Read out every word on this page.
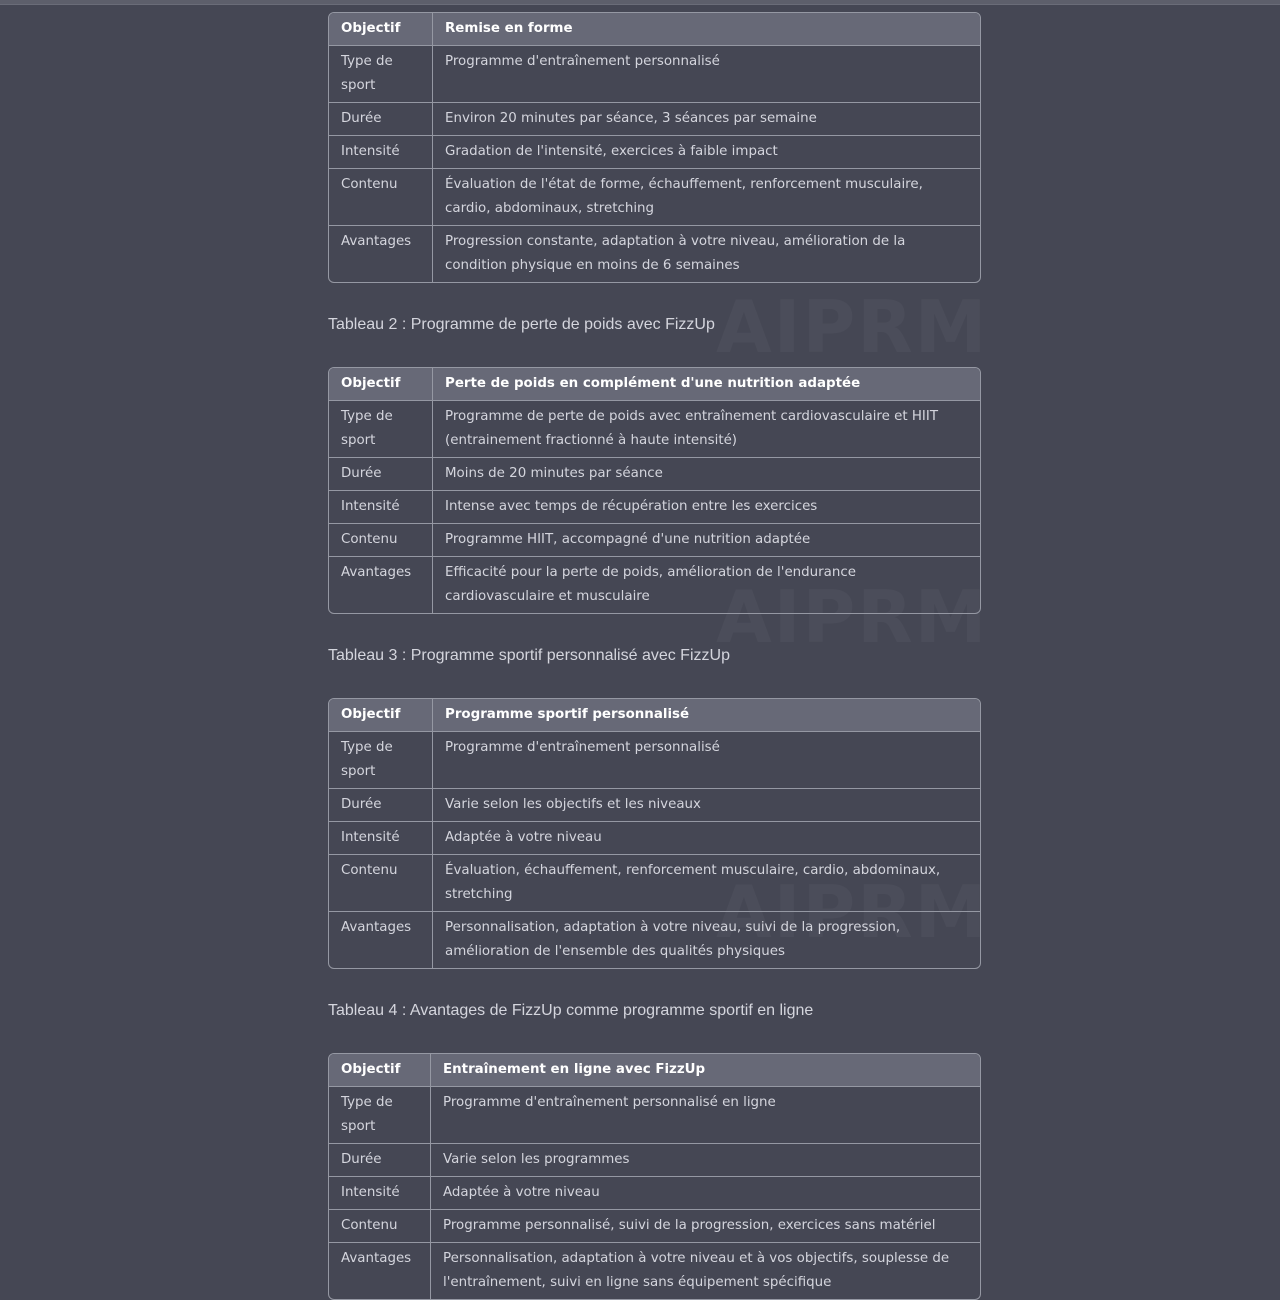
Objectif	Remise en forme
Type de sport	Programme d'entraînement personnalisé
Durée	Environ 20 minutes par séance, 3 séances par semaine
Intensité	Gradation de l'intensité, exercices à faible impact
Contenu	Évaluation de l'état de forme, échauffement, renforcement musculaire, cardio, abdominaux, stretching
Avantages	Progression constante, adaptation à votre niveau, amélioration de la condition physique en moins de 6 semaines

Tableau 2 : Programme de perte de poids avec FizzUp

Objectif	Perte de poids en complément d'une nutrition adaptée
Type de sport	Programme de perte de poids avec entraînement cardiovasculaire et HIIT (entrainement fractionné à haute intensité)
Durée	Moins de 20 minutes par séance
Intensité	Intense avec temps de récupération entre les exercices
Contenu	Programme HIIT, accompagné d'une nutrition adaptée
Avantages	Efficacité pour la perte de poids, amélioration de l'endurance cardiovasculaire et musculaire

Tableau 3 : Programme sportif personnalisé avec FizzUp

Objectif	Programme sportif personnalisé
Type de sport	Programme d'entraînement personnalisé
Durée	Varie selon les objectifs et les niveaux
Intensité	Adaptée à votre niveau
Contenu	Évaluation, échauffement, renforcement musculaire, cardio, abdominaux, stretching
Avantages	Personnalisation, adaptation à votre niveau, suivi de la progression, amélioration de l'ensemble des qualités physiques

Tableau 4 : Avantages de FizzUp comme programme sportif en ligne

Objectif	Entraînement en ligne avec FizzUp
Type de sport	Programme d'entraînement personnalisé en ligne
Durée	Varie selon les programmes
Intensité	Adaptée à votre niveau
Contenu	Programme personnalisé, suivi de la progression, exercices sans matériel
Avantages	Personnalisation, adaptation à votre niveau et à vos objectifs, souplesse de l'entraînement, suivi en ligne sans équipement spécifique
